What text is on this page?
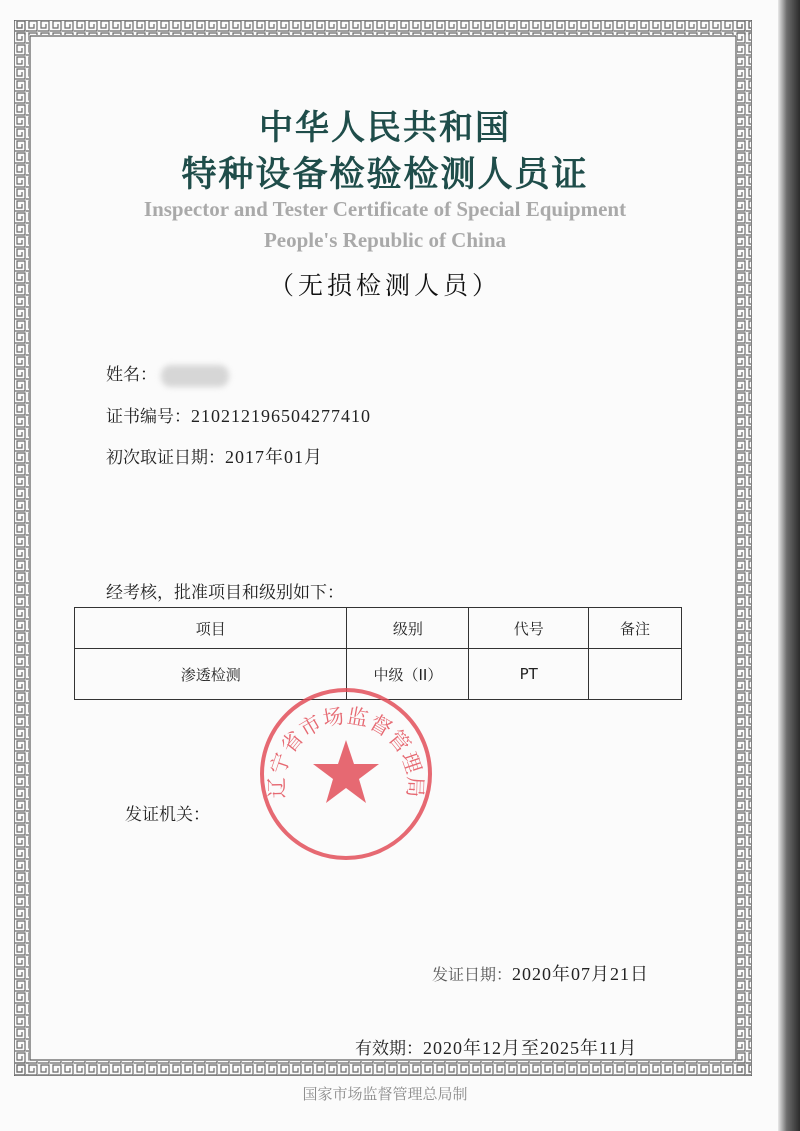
中华人民共和国
特种设备检验检测人员证
Inspector and Tester Certificate of Special Equipment
People's Republic of China
（无损检测人员）
姓名：
证书编号：210212196504277410
初次取证日期：2017年01月
经考核，批准项目和级别如下：
项目	级别	代号	备注
渗透检测	中级（II）	PT	
发证机关：
辽宁省市场监督管理局
发证日期：2020年07月21日
有效期：2020年12月至2025年11月
国家市场监督管理总局制
